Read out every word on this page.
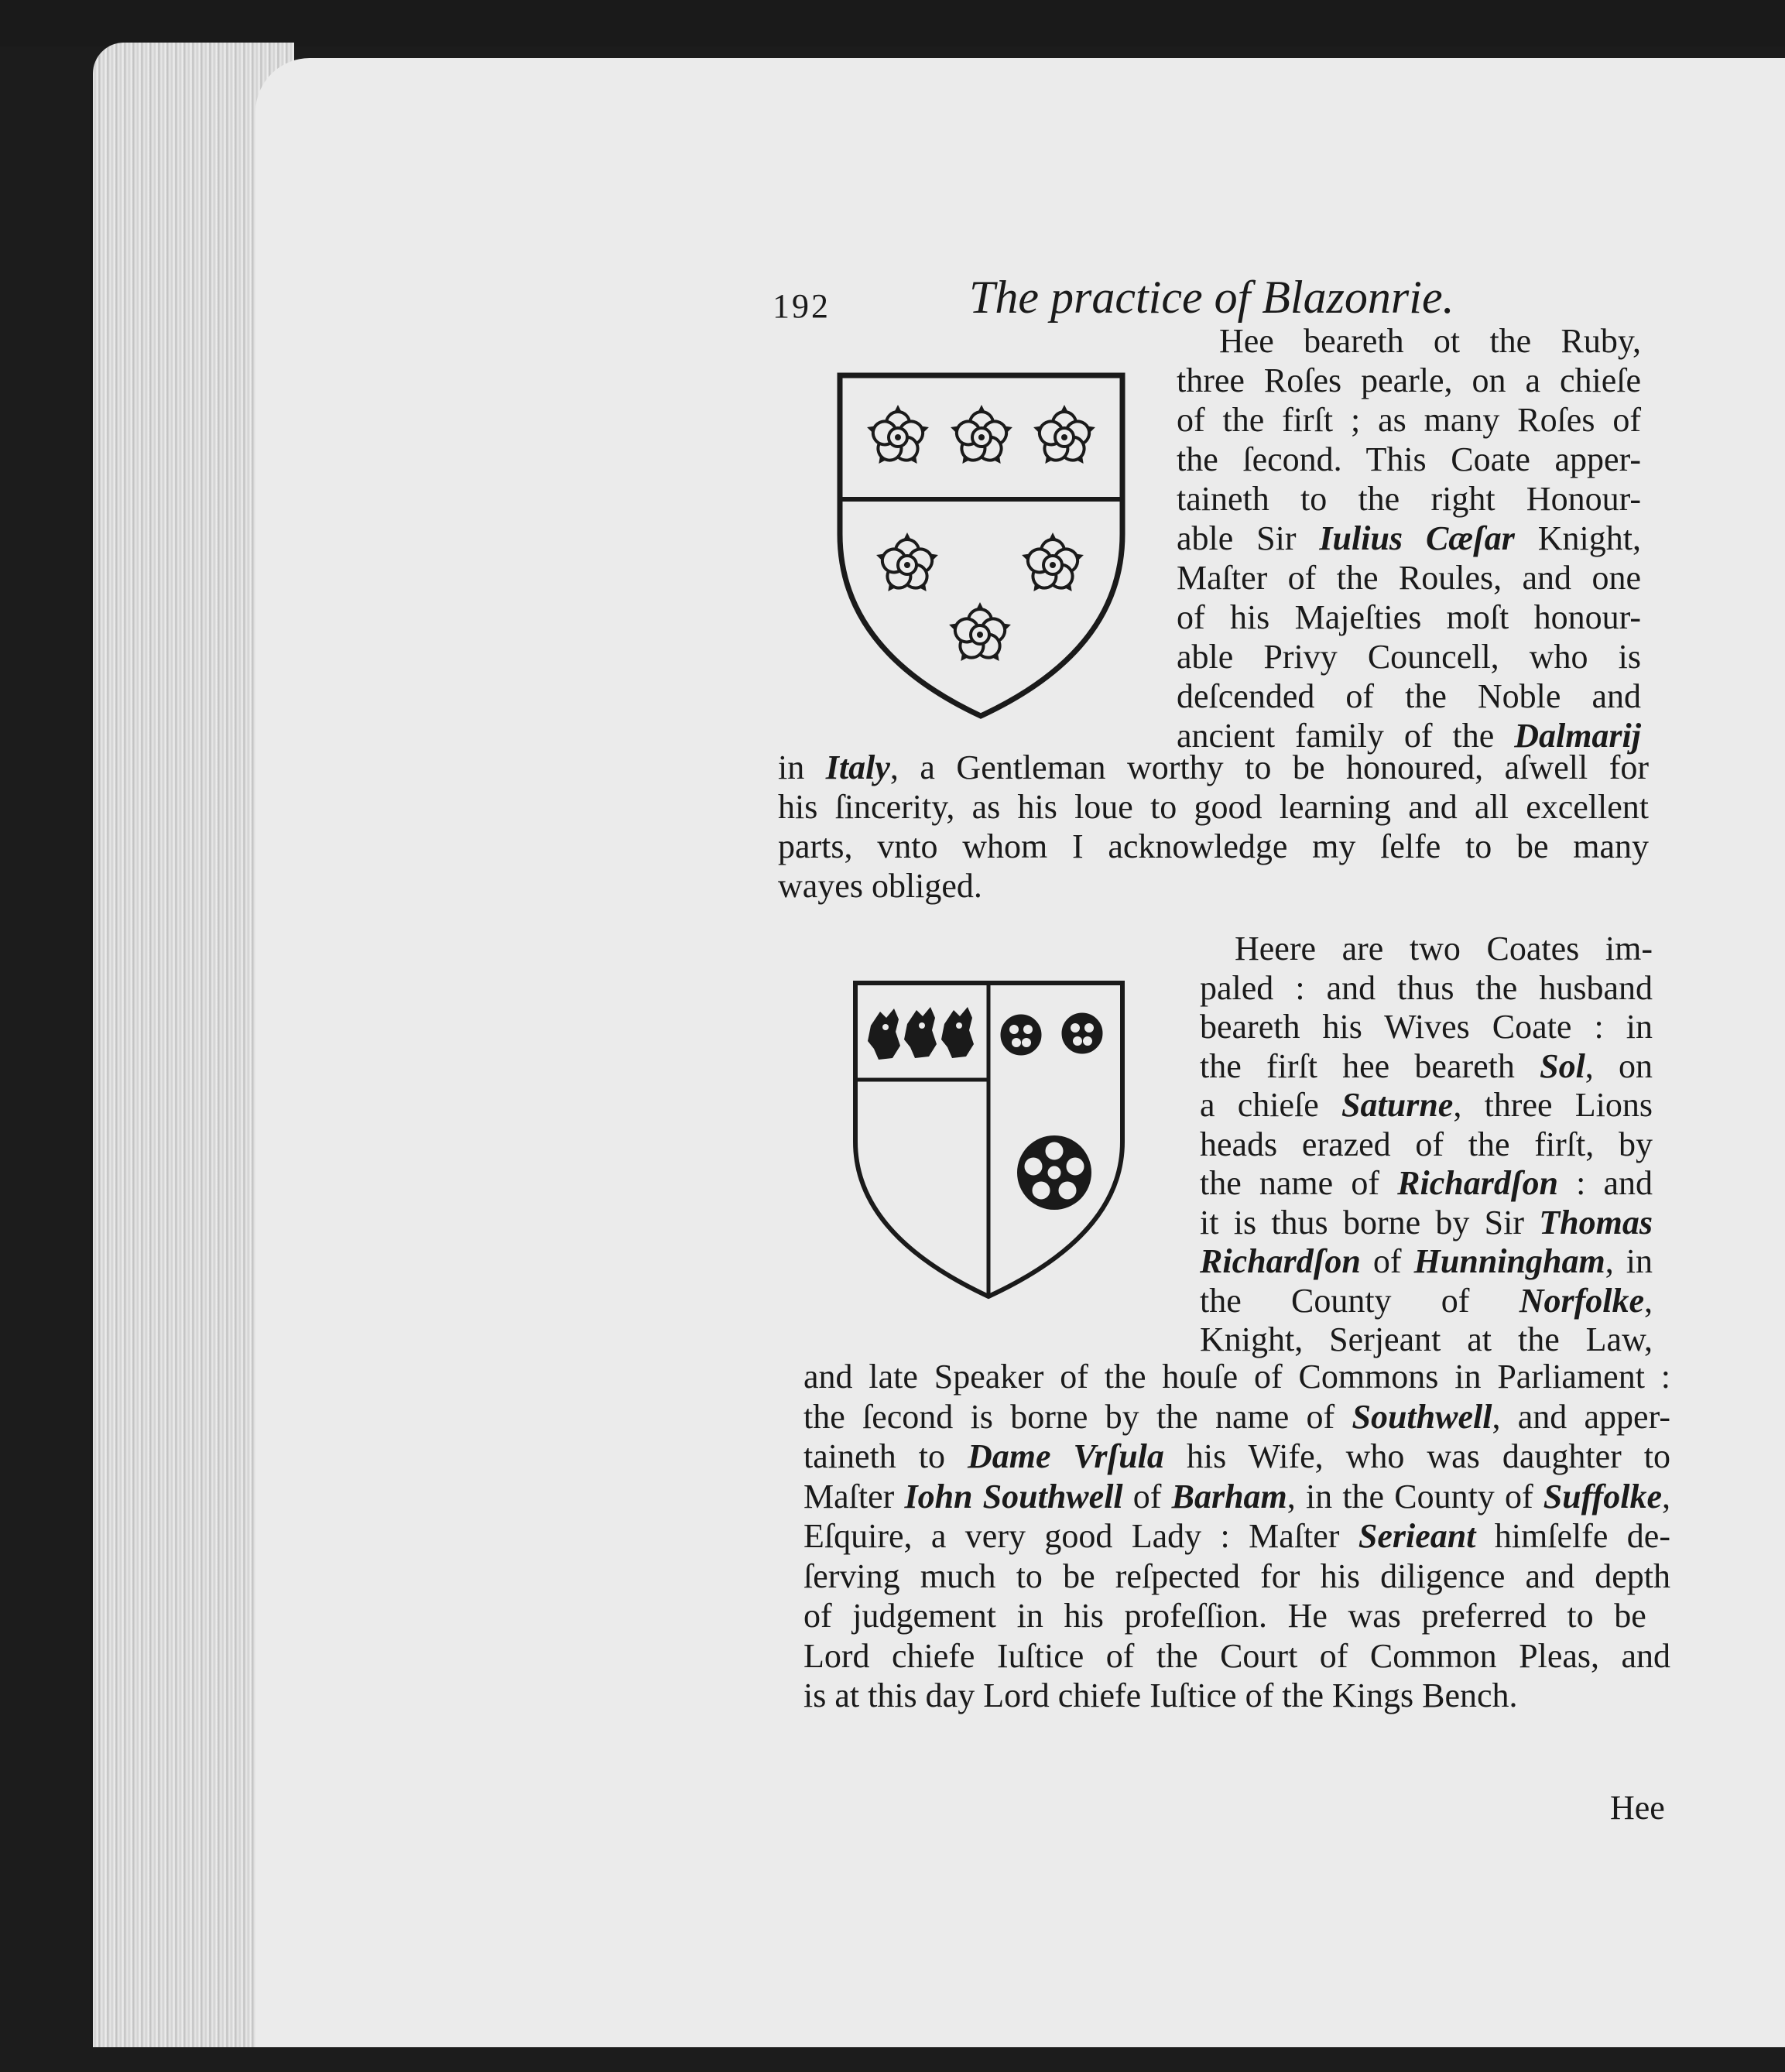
192	The practice of Blazonrie.
Hee beareth ot the Ruby,
three Roſes pearle, on a chieſe
of the firſt ; as many Roſes of
the ſecond. This Coate apper-
taineth to the right Honour-
able Sir Iulius Cæſar Knight,
Maſter of the Roules, and one
of his Majeſties moſt honour-
able Privy Councell, who is
deſcended of the Noble and
ancient family of the Dalmarij
in Italy, a Gentleman worthy to be honoured, aſwell for
his ſincerity, as his loue to good learning and all excellent
parts, vnto whom I acknowledge my ſelfe to be many
wayes obliged.
Heere are two Coates im-
paled : and thus the husband
beareth his Wives Coate : in
the firſt hee beareth Sol, on
a chieſe Saturne, three Lions
heads erazed of the firſt, by
the name of Richardſon : and
it is thus borne by Sir Thomas
Richardſon of Hunningham, in
the County of Norfolke,
Knight, Serjeant at the Law,
and late Speaker of the houſe of Commons in Parliament :
the ſecond is borne by the name of Southwell, and apper-
taineth to Dame Vrſula his Wife, who was daughter to
Maſter Iohn Southwell of Barham, in the County of Suffolke,
Eſquire, a very good Lady : Maſter Serieant himſelfe de-
ſerving much to be reſpected for his diligence and depth
of judgement in his profeſſion. He was preferred to be
Lord chiefe Iuſtice of the Court of Common Pleas, and
is at this day Lord chiefe Iuſtice of the Kings Bench.
Hee
